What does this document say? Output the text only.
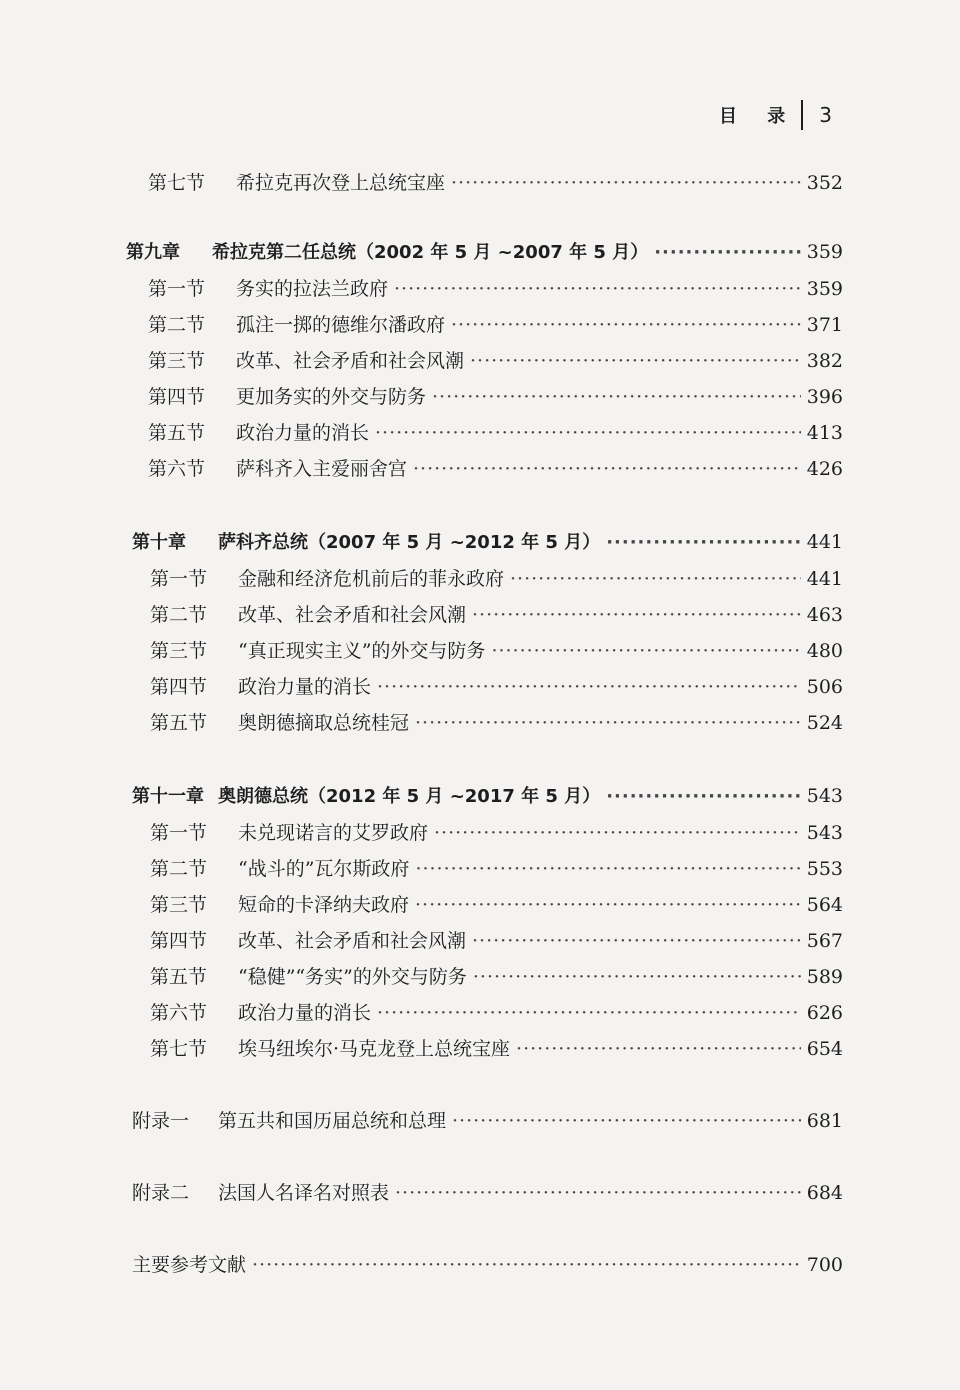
目 录 3
第七节	希拉克再次登上总统宝座 ·····	352
第九章	希拉克第二任总统（2002 年 5 月 ~2007 年 5 月） ·····	359
第一节	务实的拉法兰政府 ·····	359
第二节	孤注一掷的德维尔潘政府 ·····	371
第三节	改革、社会矛盾和社会风潮 ·····	382
第四节	更加务实的外交与防务 ·····	396
第五节	政治力量的消长 ·····	413
第六节	萨科齐入主爱丽舍宫 ·····	426
第十章	萨科齐总统（2007 年 5 月 ~2012 年 5 月） ·····	441
第一节	金融和经济危机前后的菲永政府 ·····	441
第二节	改革、社会矛盾和社会风潮 ·····	463
第三节	“真正现实主义”的外交与防务 ·····	480
第四节	政治力量的消长 ·····	506
第五节	奥朗德摘取总统桂冠 ·····	524
第十一章 奥朗德总统（2012 年 5 月 ~2017 年 5 月） ·····	543
第一节	未兑现诺言的艾罗政府 ·····	543
第二节	“战斗的”瓦尔斯政府 ·····	553
第三节	短命的卡泽纳夫政府 ·····	564
第四节	改革、社会矛盾和社会风潮 ·····	567
第五节	“稳健”“务实”的外交与防务 ·····	589
第六节	政治力量的消长 ·····	626
第七节	埃马纽埃尔·马克龙登上总统宝座 ·····	654
附录一	第五共和国历届总统和总理 ·····	681
附录二	法国人名译名对照表 ·····	684
主要参考文献 ·····	700
